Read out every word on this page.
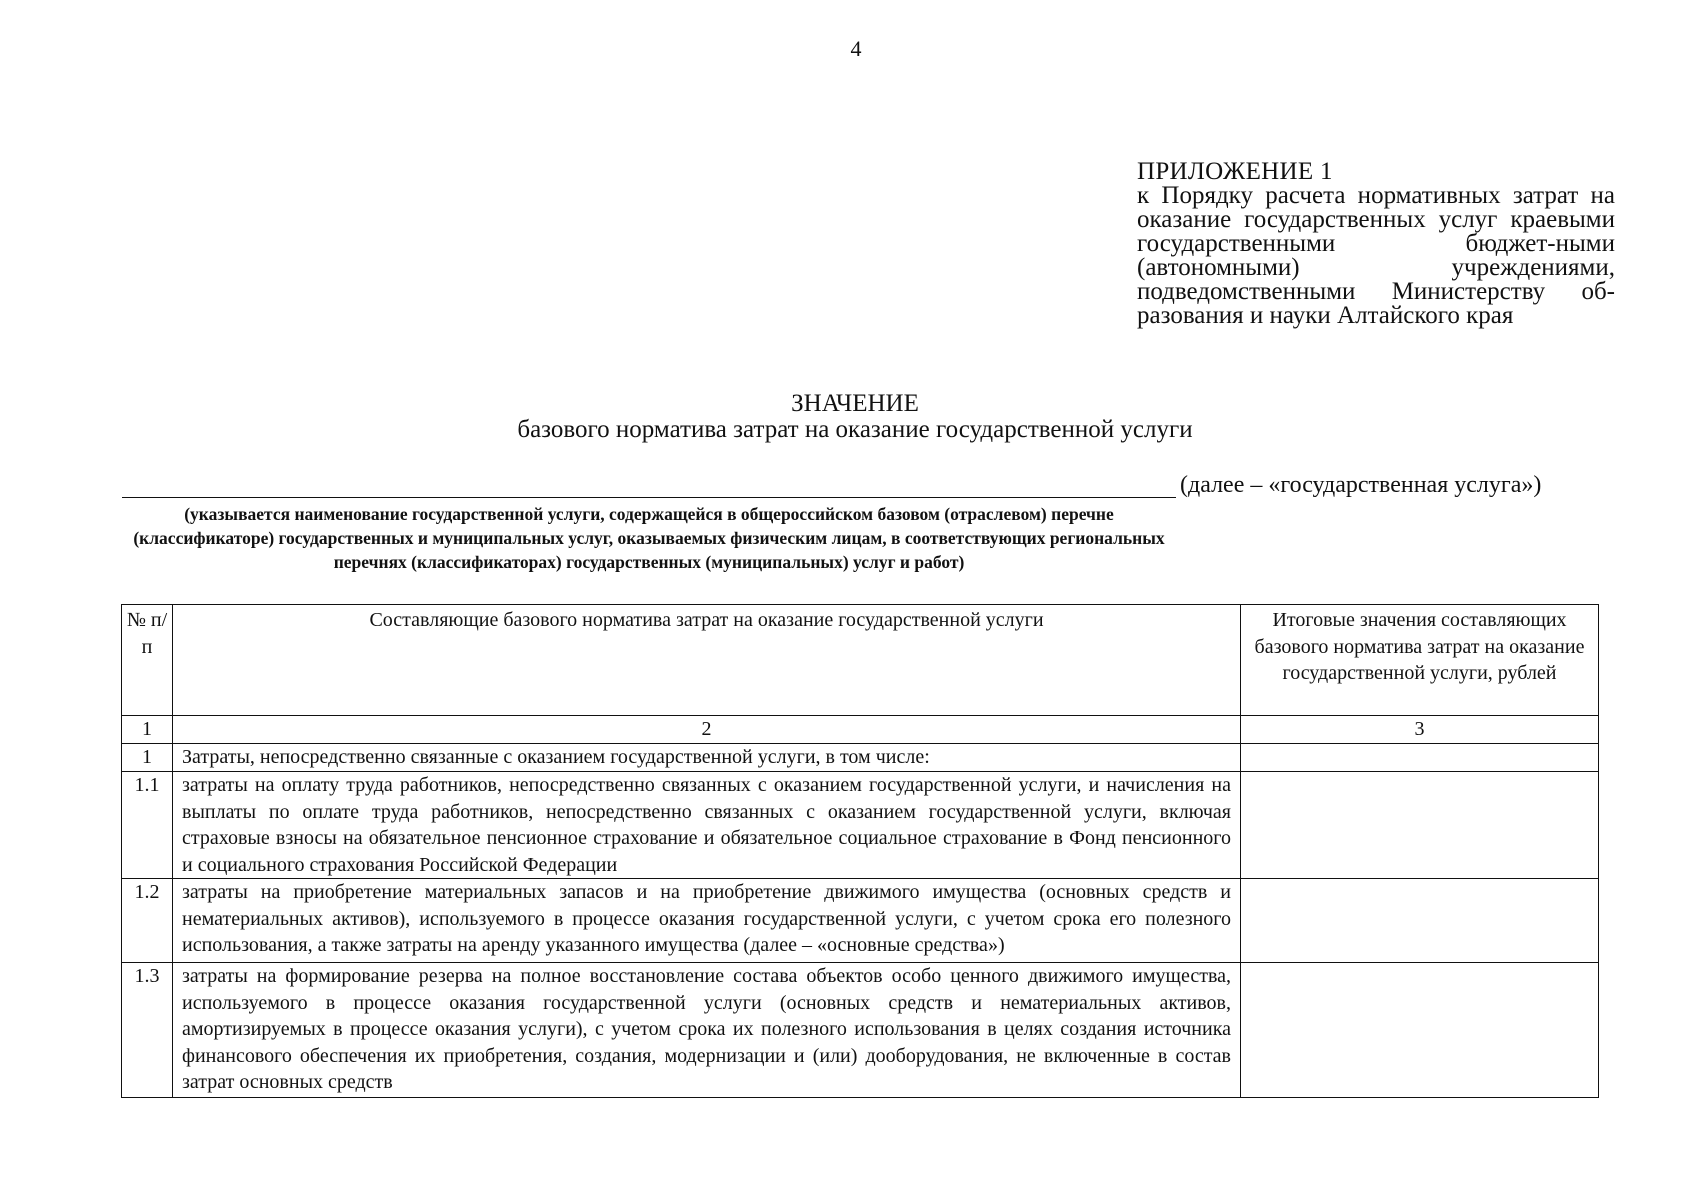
4
ПРИЛОЖЕНИЕ 1
к Порядку расчета нормативных затрат на оказание государственных услуг краевыми государственными бюджет-ными (автономными) учреждениями, подведомственными Министерству об-разования и науки Алтайского края
ЗНАЧЕНИЕ
базового норматива затрат на оказание государственной услуги
(далее – «государственная услуга»)
(указывается наименование государственной услуги, содержащейся в общероссийском базовом (отраслевом) перечне (классификаторе) государственных и муниципальных услуг, оказываемых физическим лицам, в соответствующих региональных перечнях (классификаторах) государственных (муниципальных) услуг и работ)
№ п/п	Составляющие базового норматива затрат на оказание государственной услуги	Итоговые значения составляющих базового норматива затрат на оказание государственной услуги, рублей
1	2	3
1	Затраты, непосредственно связанные с оказанием государственной услуги, в том числе:	
1.1	затраты на оплату труда работников, непосредственно связанных с оказанием государственной услуги, и начисления на выплаты по оплате труда работников, непосредственно связанных с оказанием государственной услуги, включая страховые взносы на обязательное пенсионное страхование и обязательное социальное страхование в Фонд пенсионного и социального страхования Российской Федерации	
1.2	затраты на приобретение материальных запасов и на приобретение движимого имущества (основных средств и нематериальных активов), используемого в процессе оказания государственной услуги, с учетом срока его полезного использования, а также затраты на аренду указанного имущества (далее – «основные средства»)	
1.3	затраты на формирование резерва на полное восстановление состава объектов особо ценного движимого имущества, используемого в процессе оказания государственной услуги (основных средств и нематериальных активов, амортизируемых в процессе оказания услуги), с учетом срока их полезного использования в целях создания источника финансового обеспечения их приобретения, создания, модернизации и (или) дооборудования, не включенные в состав затрат основных средств	
